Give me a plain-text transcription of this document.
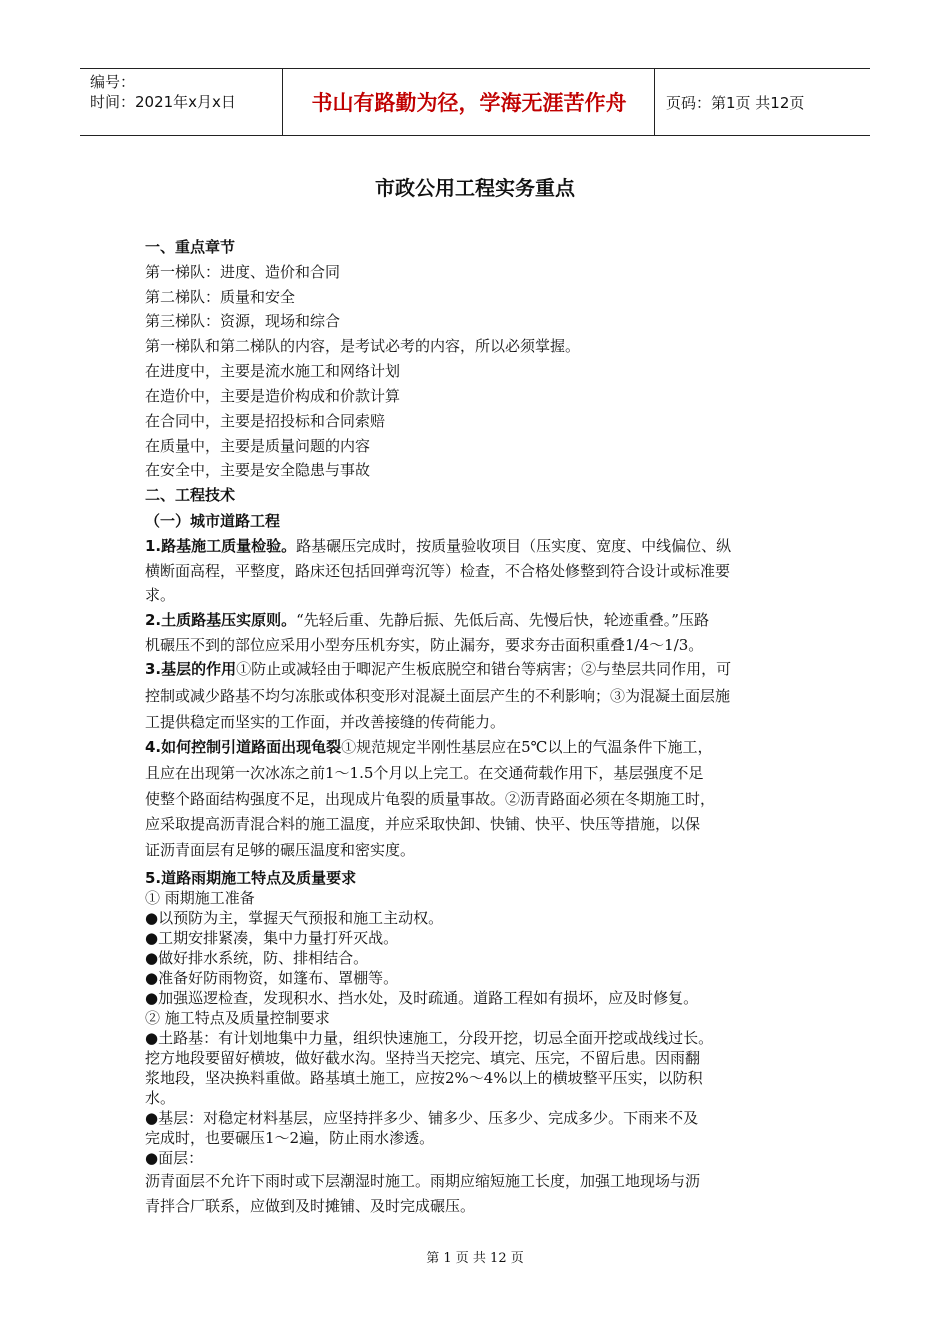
编号：
时间：2021年x月x日	书山有路勤为径，学海无涯苦作舟	页码：第1页 共12页
市政公用工程实务重点
一、重点章节
第一梯队：进度、造价和合同
第二梯队：质量和安全
第三梯队：资源，现场和综合
第一梯队和第二梯队的内容，是考试必考的内容，所以必须掌握。
在进度中，主要是流水施工和网络计划
在造价中，主要是造价构成和价款计算
在合同中，主要是招投标和合同索赔
在质量中，主要是质量问题的内容
在安全中，主要是安全隐患与事故
二、工程技术
（一）城市道路工程
1.路基施工质量检验。路基碾压完成时，按质量验收项目（压实度、宽度、中线偏位、纵
横断面高程，平整度，路床还包括回弹弯沉等）检查，不合格处修整到符合设计或标准要
求。
2.土质路基压实原则。“先轻后重、先静后振、先低后高、先慢后快，轮迹重叠。”压路
机碾压不到的部位应采用小型夯压机夯实，防止漏夯，要求夯击面积重叠1/4～1/3。
3.基层的作用①防止或减轻由于唧泥产生板底脱空和错台等病害；②与垫层共同作用，可
控制或减少路基不均匀冻胀或体积变形对混凝土面层产生的不利影响；③为混凝土面层施
工提供稳定而坚实的工作面，并改善接缝的传荷能力。
4.如何控制引道路面出现龟裂①规范规定半刚性基层应在5℃以上的气温条件下施工，
且应在出现第一次冰冻之前1～1.5个月以上完工。在交通荷载作用下，基层强度不足
使整个路面结构强度不足，出现成片龟裂的质量事故。②沥青路面必须在冬期施工时，
应采取提高沥青混合料的施工温度，并应采取快卸、快铺、快平、快压等措施，以保
证沥青面层有足够的碾压温度和密实度。
5.道路雨期施工特点及质量要求
① 雨期施工准备
●以预防为主，掌握天气预报和施工主动权。
●工期安排紧凑，集中力量打歼灭战。
●做好排水系统，防、排相结合。
●准备好防雨物资，如篷布、罩棚等。
●加强巡逻检查，发现积水、挡水处，及时疏通。道路工程如有损坏，应及时修复。
② 施工特点及质量控制要求
●土路基：有计划地集中力量，组织快速施工，分段开挖，切忌全面开挖或战线过长。
挖方地段要留好横坡，做好截水沟。坚持当天挖完、填完、压完，不留后患。因雨翻
浆地段，坚决换料重做。路基填土施工，应按2%～4%以上的横坡整平压实，以防积
水。
●基层：对稳定材料基层，应坚持拌多少、铺多少、压多少、完成多少。下雨来不及
完成时，也要碾压1～2遍，防止雨水渗透。
●面层：
沥青面层不允许下雨时或下层潮湿时施工。雨期应缩短施工长度，加强工地现场与沥
青拌合厂联系，应做到及时摊铺、及时完成碾压。
第 1 页 共 12 页
